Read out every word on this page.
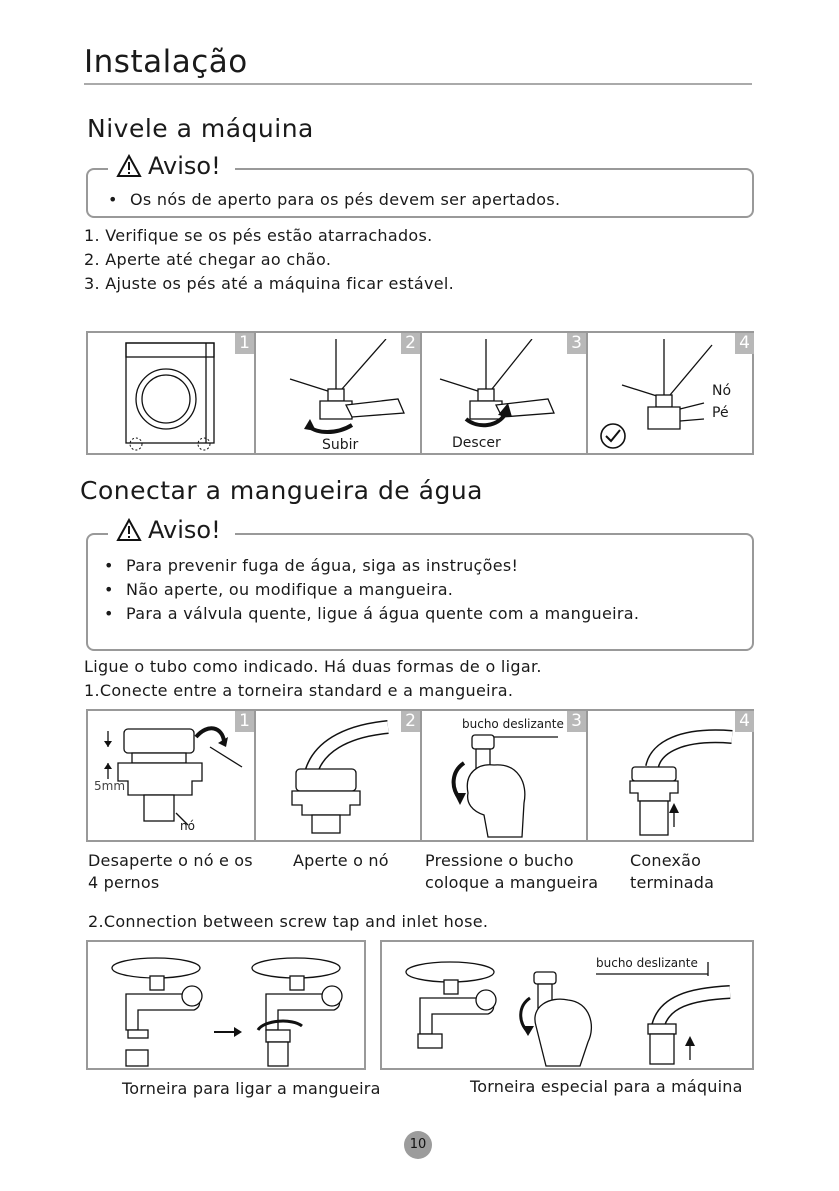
Instalação
Nivele a máquina
Aviso!
• Os nós de aperto para os pés devem ser apertados.
1. Verifique se os pés estão atarrachados.
2. Aperte até chegar ao chão.
3. Ajuste os pés até a máquina ficar estável.
1	2
Subir
3
Descer
4
Nó
Pé
Conectar a mangueira de água
Aviso!
• Para prevenir fuga de água, siga as instruções!
• Não aperte, ou modifique a mangueira.
• Para a válvula quente, ligue á água quente com a mangueira.
Ligue o tubo como indicado. Há duas formas de o ligar.
1.Conecte entre a torneira standard e a mangueira.
1
5mm
nó
2	3
bucho deslizante	4
Desaperte o nó e os
4 pernos
Aperte o nó Pressione o bucho
coloque a mangueira
Conexão
terminada
2.Connection between screw tap and inlet hose.
bucho deslizante
Torneira para ligar a mangueira	Torneira especial para a máquina
10
